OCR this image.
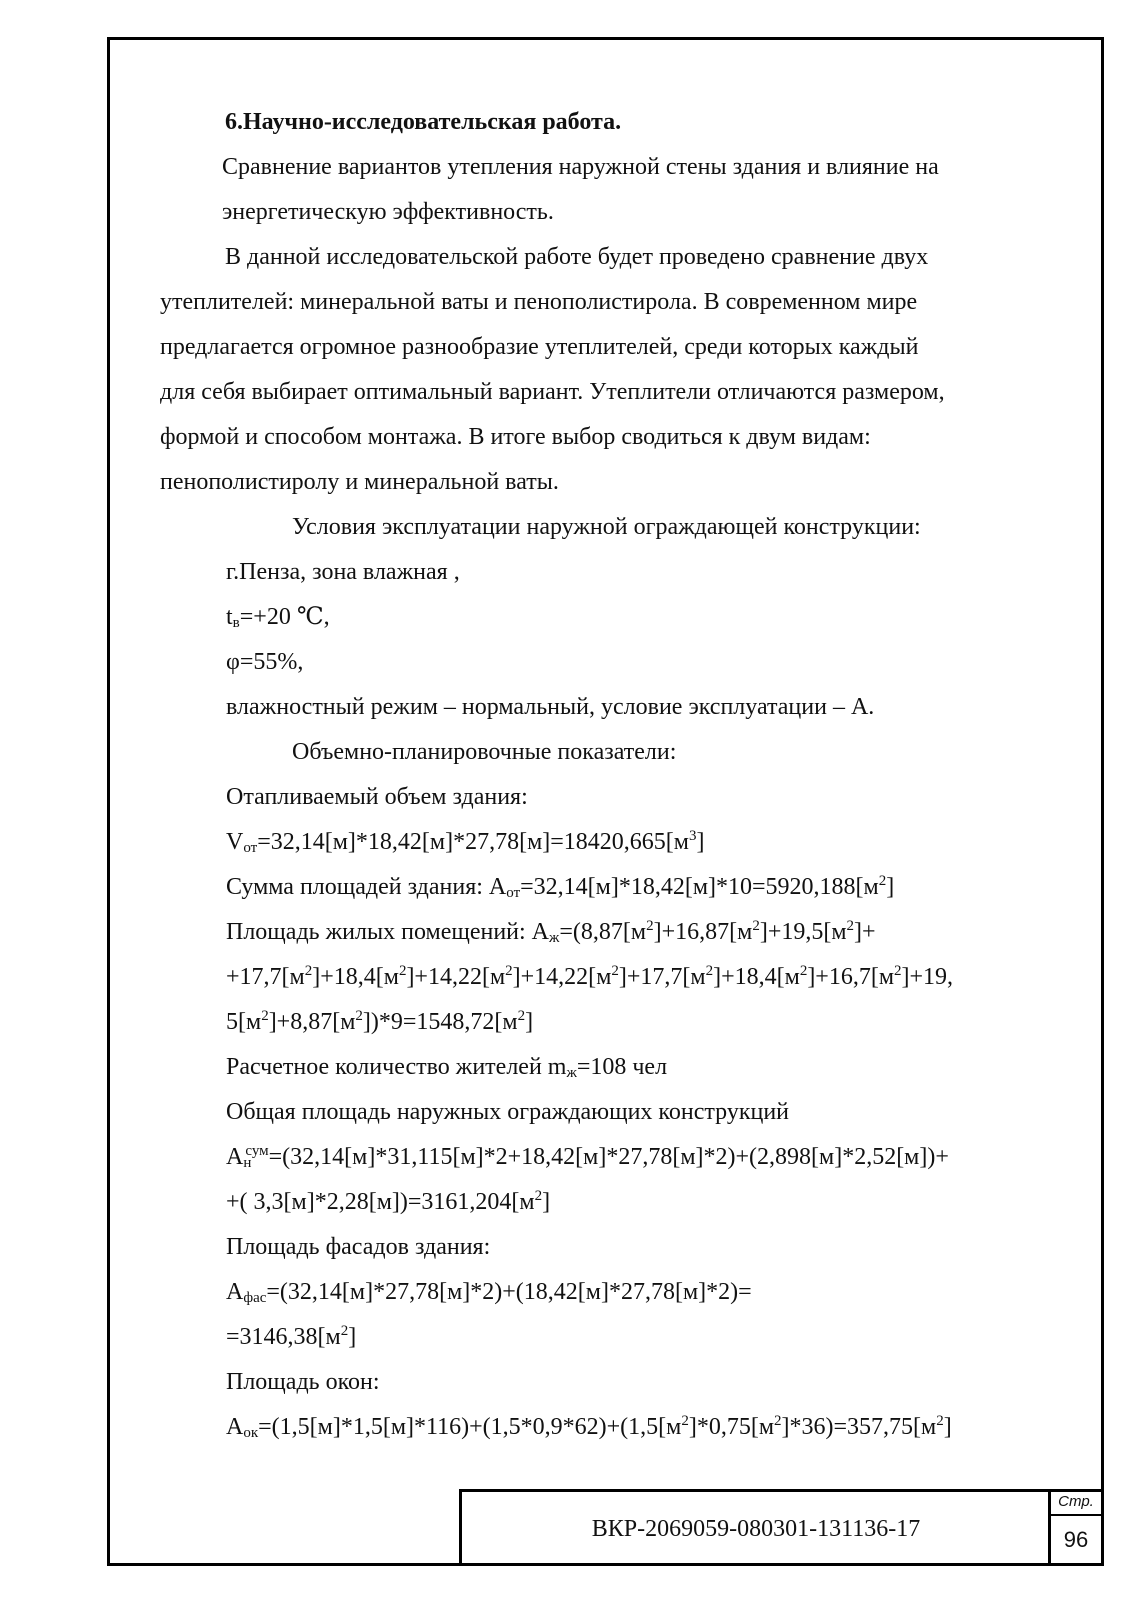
6.Научно-исследовательская работа.
Сравнение вариантов утепления наружной стены здания и влияние на
энергетическую эффективность.
В данной исследовательской работе будет проведено сравнение двух
утеплителей: минеральной ваты и пенополистирола. В современном мире
предлагается огромное разнообразие утеплителей, среди которых каждый
для себя выбирает оптимальный вариант. Утеплители отличаются размером,
формой и способом монтажа. В итоге выбор сводиться к двум видам:
пенополистиролу и минеральной ваты.
Условия эксплуатации наружной ограждающей конструкции:
г.Пенза, зона влажная ,
$t_в=+20$ ℃,
φ=55%,
влажностный режим – нормальный, условие эксплуатации – А.
Объемно-планировочные показатели:
Отапливаемый объем здания:
$V_{от}=32,14[м]*18,42[м]*27,78[м]=18420,665[м^3]$
Сумма площадей здания: $А_{от}=32,14[м]*18,42[м]*10=5920,188[м^2]$
Площадь жилых помещений: $А_ж=(8,87[м^2]+16,87[м^2]+19,5[м^2]+$
$+17,7[м^2]+18,4[м^2]+14,22[м^2]+14,22[м^2]+17,7[м^2]+18,4[м^2]+16,7[м^2]+19$,
$5[м^2]+8,87[м^2])*9=1548,72[м^2]$
Расчетное количество жителей $m_ж=108$ чел
Общая площадь наружных ограждающих конструкций
$А_н^{сум}=(32,14[м]*31,115[м]*2+18,42[м]*27,78[м]*2)+(2,898[м]*2,52[м])+$
+( $3,3[м]*2,28[м])=3161,204[м^2]$
Площадь фасадов здания:
$А_{фас}=(32,14[м]*27,78[м]*2)+(18,42[м]*27,78[м]*2)=$
$=3146,38[м^2]$
Площадь окон:
$А_{ок}=(1,5[м]*1,5[м]*116)+(1,5*0,9*62)+(1,5[м^2]*0,75[м^2]*36)=357,75[м^2]$
ВКР-2069059-080301-131136-17
Стр.
96
